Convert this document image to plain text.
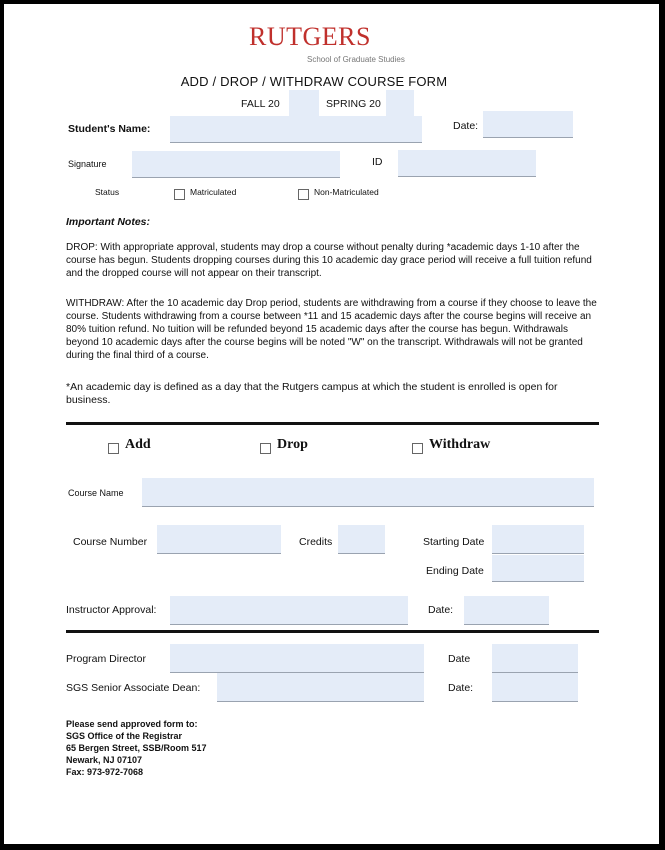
RUTGERS
School of Graduate Studies
ADD / DROP / WITHDRAW COURSE FORM
FALL 20	SPRING 20
Student's Name:	Date:
Signature	ID
Status	Matriculated	Non-Matriculated
Important Notes:
DROP: With appropriate approval, students may drop a course without penalty during *academic days 1-10 after the course has begun. Students dropping courses during this 10 academic day grace period will receive a full tuition refund and the dropped course will not appear on their transcript.
WITHDRAW: After the 10 academic day Drop period, students are withdrawing from a course if they choose to leave the course. Students withdrawing from a course between *11 and 15 academic days after the course begins will receive an 80% tuition refund. No tuition will be refunded beyond 15 academic days after the course has begun. Withdrawals beyond 10 academic days after the course begins will be noted "W" on the transcript. Withdrawals will not be granted during the final third of a course.
*An academic day is defined as a day that the Rutgers campus at which the student is enrolled is open for business.
Add	Drop	Withdraw
Course Name
Course Number	Credits	Starting Date
Ending Date
Instructor Approval:	Date:
Program Director	Date
SGS Senior Associate Dean:	Date:
Please send approved form to:
SGS Office of the Registrar
65 Bergen Street, SSB/Room 517
Newark, NJ 07107
Fax: 973-972-7068
